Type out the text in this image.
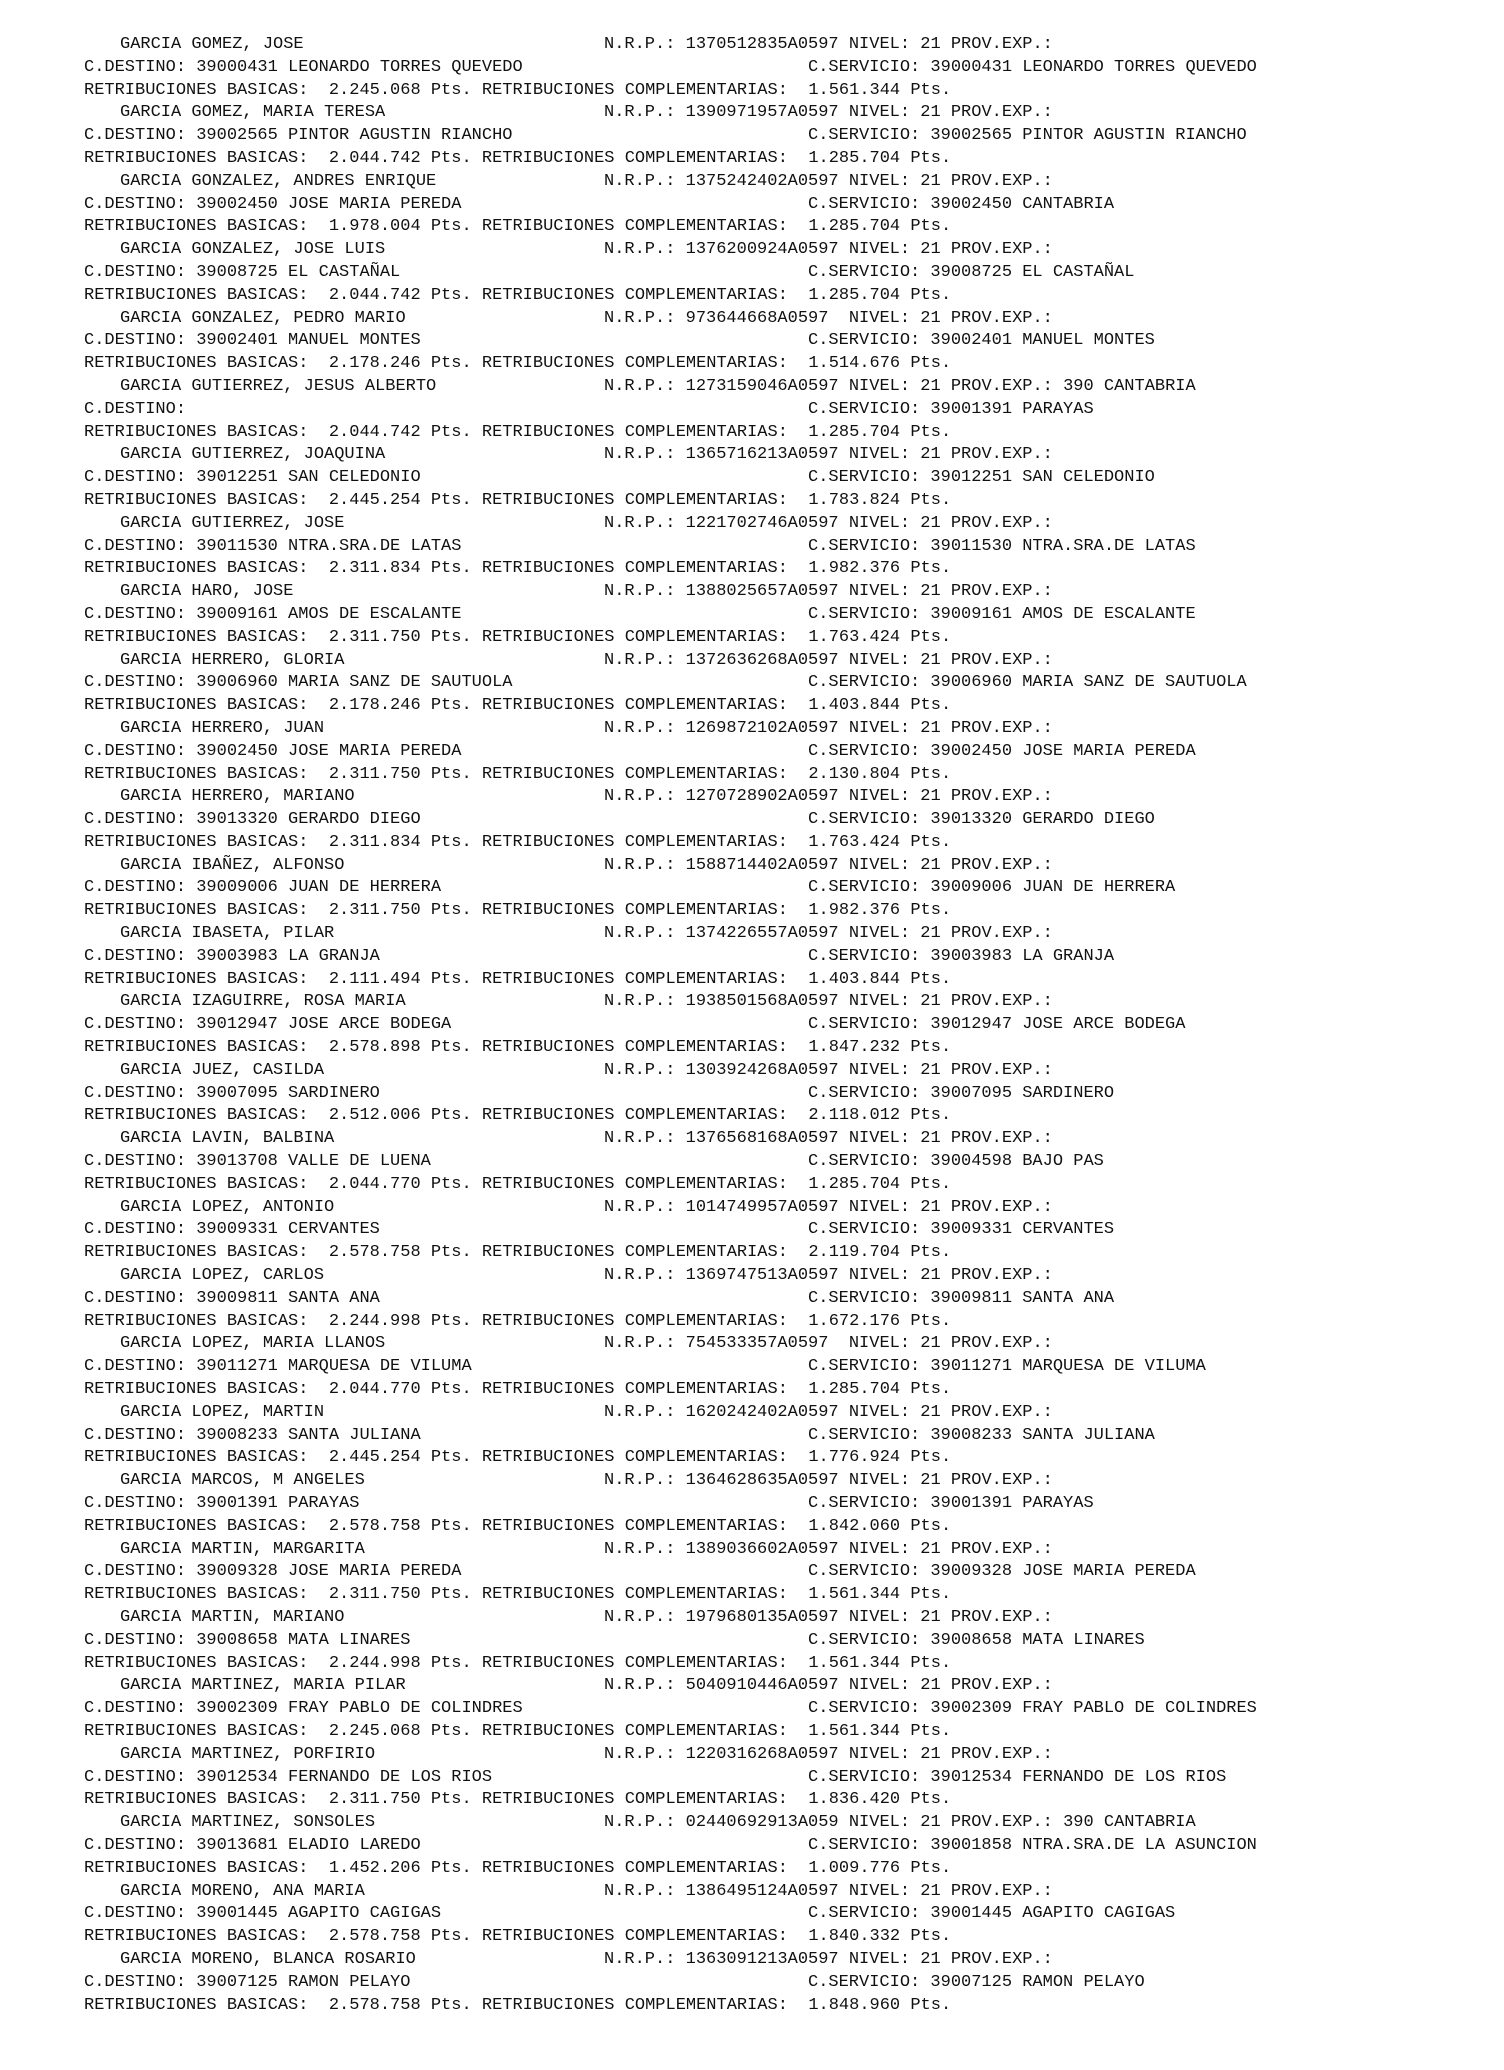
GARCIA GOMEZ, JOSE

	N.R.P.: 1370512835A0597 NIVEL: 21 PROV.EXP.:

C.DESTINO: 39000431 LEONARDO TORRES QUEVEDO

	C.SERVICIO: 39000431 LEONARDO TORRES QUEVEDO

RETRIBUCIONES BASICAS:  2.245.068 Pts. RETRIBUCIONES COMPLEMENTARIAS:  1.561.344 Pts.

GARCIA GOMEZ, MARIA TERESA

	N.R.P.: 1390971957A0597 NIVEL: 21 PROV.EXP.:

C.DESTINO: 39002565 PINTOR AGUSTIN RIANCHO

	C.SERVICIO: 39002565 PINTOR AGUSTIN RIANCHO

RETRIBUCIONES BASICAS:  2.044.742 Pts. RETRIBUCIONES COMPLEMENTARIAS:  1.285.704 Pts.

GARCIA GONZALEZ, ANDRES ENRIQUE

	N.R.P.: 1375242402A0597 NIVEL: 21 PROV.EXP.:

C.DESTINO: 39002450 JOSE MARIA PEREDA

	C.SERVICIO: 39002450 CANTABRIA

RETRIBUCIONES BASICAS:  1.978.004 Pts. RETRIBUCIONES COMPLEMENTARIAS:  1.285.704 Pts.

GARCIA GONZALEZ, JOSE LUIS

	N.R.P.: 1376200924A0597 NIVEL: 21 PROV.EXP.:

C.DESTINO: 39008725 EL CASTAÑAL

	C.SERVICIO: 39008725 EL CASTAÑAL

RETRIBUCIONES BASICAS:  2.044.742 Pts. RETRIBUCIONES COMPLEMENTARIAS:  1.285.704 Pts.

GARCIA GONZALEZ, PEDRO MARIO

	N.R.P.: 973644668A0597  NIVEL: 21 PROV.EXP.:

C.DESTINO: 39002401 MANUEL MONTES

	C.SERVICIO: 39002401 MANUEL MONTES

RETRIBUCIONES BASICAS:  2.178.246 Pts. RETRIBUCIONES COMPLEMENTARIAS:  1.514.676 Pts.

GARCIA GUTIERREZ, JESUS ALBERTO

	N.R.P.: 1273159046A0597 NIVEL: 21 PROV.EXP.: 390 CANTABRIA

C.DESTINO:

	C.SERVICIO: 39001391 PARAYAS

RETRIBUCIONES BASICAS:  2.044.742 Pts. RETRIBUCIONES COMPLEMENTARIAS:  1.285.704 Pts.

GARCIA GUTIERREZ, JOAQUINA

	N.R.P.: 1365716213A0597 NIVEL: 21 PROV.EXP.:

C.DESTINO: 39012251 SAN CELEDONIO

	C.SERVICIO: 39012251 SAN CELEDONIO

RETRIBUCIONES BASICAS:  2.445.254 Pts. RETRIBUCIONES COMPLEMENTARIAS:  1.783.824 Pts.

GARCIA GUTIERREZ, JOSE

	N.R.P.: 1221702746A0597 NIVEL: 21 PROV.EXP.:

C.DESTINO: 39011530 NTRA.SRA.DE LATAS

	C.SERVICIO: 39011530 NTRA.SRA.DE LATAS

RETRIBUCIONES BASICAS:  2.311.834 Pts. RETRIBUCIONES COMPLEMENTARIAS:  1.982.376 Pts.

GARCIA HARO, JOSE

	N.R.P.: 1388025657A0597 NIVEL: 21 PROV.EXP.:

C.DESTINO: 39009161 AMOS DE ESCALANTE

	C.SERVICIO: 39009161 AMOS DE ESCALANTE

RETRIBUCIONES BASICAS:  2.311.750 Pts. RETRIBUCIONES COMPLEMENTARIAS:  1.763.424 Pts.

GARCIA HERRERO, GLORIA

	N.R.P.: 1372636268A0597 NIVEL: 21 PROV.EXP.:

C.DESTINO: 39006960 MARIA SANZ DE SAUTUOLA

	C.SERVICIO: 39006960 MARIA SANZ DE SAUTUOLA

RETRIBUCIONES BASICAS:  2.178.246 Pts. RETRIBUCIONES COMPLEMENTARIAS:  1.403.844 Pts.

GARCIA HERRERO, JUAN

	N.R.P.: 1269872102A0597 NIVEL: 21 PROV.EXP.:

C.DESTINO: 39002450 JOSE MARIA PEREDA

	C.SERVICIO: 39002450 JOSE MARIA PEREDA

RETRIBUCIONES BASICAS:  2.311.750 Pts. RETRIBUCIONES COMPLEMENTARIAS:  2.130.804 Pts.

GARCIA HERRERO, MARIANO

	N.R.P.: 1270728902A0597 NIVEL: 21 PROV.EXP.:

C.DESTINO: 39013320 GERARDO DIEGO

	C.SERVICIO: 39013320 GERARDO DIEGO

RETRIBUCIONES BASICAS:  2.311.834 Pts. RETRIBUCIONES COMPLEMENTARIAS:  1.763.424 Pts.

GARCIA IBAÑEZ, ALFONSO

	N.R.P.: 1588714402A0597 NIVEL: 21 PROV.EXP.:

C.DESTINO: 39009006 JUAN DE HERRERA

	C.SERVICIO: 39009006 JUAN DE HERRERA

RETRIBUCIONES BASICAS:  2.311.750 Pts. RETRIBUCIONES COMPLEMENTARIAS:  1.982.376 Pts.

GARCIA IBASETA, PILAR

	N.R.P.: 1374226557A0597 NIVEL: 21 PROV.EXP.:

C.DESTINO: 39003983 LA GRANJA

	C.SERVICIO: 39003983 LA GRANJA

RETRIBUCIONES BASICAS:  2.111.494 Pts. RETRIBUCIONES COMPLEMENTARIAS:  1.403.844 Pts.

GARCIA IZAGUIRRE, ROSA MARIA

	N.R.P.: 1938501568A0597 NIVEL: 21 PROV.EXP.:

C.DESTINO: 39012947 JOSE ARCE BODEGA

	C.SERVICIO: 39012947 JOSE ARCE BODEGA

RETRIBUCIONES BASICAS:  2.578.898 Pts. RETRIBUCIONES COMPLEMENTARIAS:  1.847.232 Pts.

GARCIA JUEZ, CASILDA

	N.R.P.: 1303924268A0597 NIVEL: 21 PROV.EXP.:

C.DESTINO: 39007095 SARDINERO

	C.SERVICIO: 39007095 SARDINERO

RETRIBUCIONES BASICAS:  2.512.006 Pts. RETRIBUCIONES COMPLEMENTARIAS:  2.118.012 Pts.

GARCIA LAVIN, BALBINA

	N.R.P.: 1376568168A0597 NIVEL: 21 PROV.EXP.:

C.DESTINO: 39013708 VALLE DE LUENA

	C.SERVICIO: 39004598 BAJO PAS

RETRIBUCIONES BASICAS:  2.044.770 Pts. RETRIBUCIONES COMPLEMENTARIAS:  1.285.704 Pts.

GARCIA LOPEZ, ANTONIO

	N.R.P.: 1014749957A0597 NIVEL: 21 PROV.EXP.:

C.DESTINO: 39009331 CERVANTES

	C.SERVICIO: 39009331 CERVANTES

RETRIBUCIONES BASICAS:  2.578.758 Pts. RETRIBUCIONES COMPLEMENTARIAS:  2.119.704 Pts.

GARCIA LOPEZ, CARLOS

	N.R.P.: 1369747513A0597 NIVEL: 21 PROV.EXP.:

C.DESTINO: 39009811 SANTA ANA

	C.SERVICIO: 39009811 SANTA ANA

RETRIBUCIONES BASICAS:  2.244.998 Pts. RETRIBUCIONES COMPLEMENTARIAS:  1.672.176 Pts.

GARCIA LOPEZ, MARIA LLANOS

	N.R.P.: 754533357A0597  NIVEL: 21 PROV.EXP.:

C.DESTINO: 39011271 MARQUESA DE VILUMA

	C.SERVICIO: 39011271 MARQUESA DE VILUMA

RETRIBUCIONES BASICAS:  2.044.770 Pts. RETRIBUCIONES COMPLEMENTARIAS:  1.285.704 Pts.

GARCIA LOPEZ, MARTIN

	N.R.P.: 1620242402A0597 NIVEL: 21 PROV.EXP.:

C.DESTINO: 39008233 SANTA JULIANA

	C.SERVICIO: 39008233 SANTA JULIANA

RETRIBUCIONES BASICAS:  2.445.254 Pts. RETRIBUCIONES COMPLEMENTARIAS:  1.776.924 Pts.

GARCIA MARCOS, M ANGELES

	N.R.P.: 1364628635A0597 NIVEL: 21 PROV.EXP.:

C.DESTINO: 39001391 PARAYAS

	C.SERVICIO: 39001391 PARAYAS

RETRIBUCIONES BASICAS:  2.578.758 Pts. RETRIBUCIONES COMPLEMENTARIAS:  1.842.060 Pts.

GARCIA MARTIN, MARGARITA

	N.R.P.: 1389036602A0597 NIVEL: 21 PROV.EXP.:

C.DESTINO: 39009328 JOSE MARIA PEREDA

	C.SERVICIO: 39009328 JOSE MARIA PEREDA

RETRIBUCIONES BASICAS:  2.311.750 Pts. RETRIBUCIONES COMPLEMENTARIAS:  1.561.344 Pts.

GARCIA MARTIN, MARIANO

	N.R.P.: 1979680135A0597 NIVEL: 21 PROV.EXP.:

C.DESTINO: 39008658 MATA LINARES

	C.SERVICIO: 39008658 MATA LINARES

RETRIBUCIONES BASICAS:  2.244.998 Pts. RETRIBUCIONES COMPLEMENTARIAS:  1.561.344 Pts.

GARCIA MARTINEZ, MARIA PILAR

	N.R.P.: 5040910446A0597 NIVEL: 21 PROV.EXP.:

C.DESTINO: 39002309 FRAY PABLO DE COLINDRES

	C.SERVICIO: 39002309 FRAY PABLO DE COLINDRES

RETRIBUCIONES BASICAS:  2.245.068 Pts. RETRIBUCIONES COMPLEMENTARIAS:  1.561.344 Pts.

GARCIA MARTINEZ, PORFIRIO

	N.R.P.: 1220316268A0597 NIVEL: 21 PROV.EXP.:

C.DESTINO: 39012534 FERNANDO DE LOS RIOS

	C.SERVICIO: 39012534 FERNANDO DE LOS RIOS

RETRIBUCIONES BASICAS:  2.311.750 Pts. RETRIBUCIONES COMPLEMENTARIAS:  1.836.420 Pts.

GARCIA MARTINEZ, SONSOLES

	N.R.P.: 02440692913A059 NIVEL: 21 PROV.EXP.: 390 CANTABRIA

C.DESTINO: 39013681 ELADIO LAREDO

	C.SERVICIO: 39001858 NTRA.SRA.DE LA ASUNCION

RETRIBUCIONES BASICAS:  1.452.206 Pts. RETRIBUCIONES COMPLEMENTARIAS:  1.009.776 Pts.

GARCIA MORENO, ANA MARIA

	N.R.P.: 1386495124A0597 NIVEL: 21 PROV.EXP.:

C.DESTINO: 39001445 AGAPITO CAGIGAS

	C.SERVICIO: 39001445 AGAPITO CAGIGAS

RETRIBUCIONES BASICAS:  2.578.758 Pts. RETRIBUCIONES COMPLEMENTARIAS:  1.840.332 Pts.

GARCIA MORENO, BLANCA ROSARIO

	N.R.P.: 1363091213A0597 NIVEL: 21 PROV.EXP.:

C.DESTINO: 39007125 RAMON PELAYO

	C.SERVICIO: 39007125 RAMON PELAYO

RETRIBUCIONES BASICAS:  2.578.758 Pts. RETRIBUCIONES COMPLEMENTARIAS:  1.848.960 Pts.
